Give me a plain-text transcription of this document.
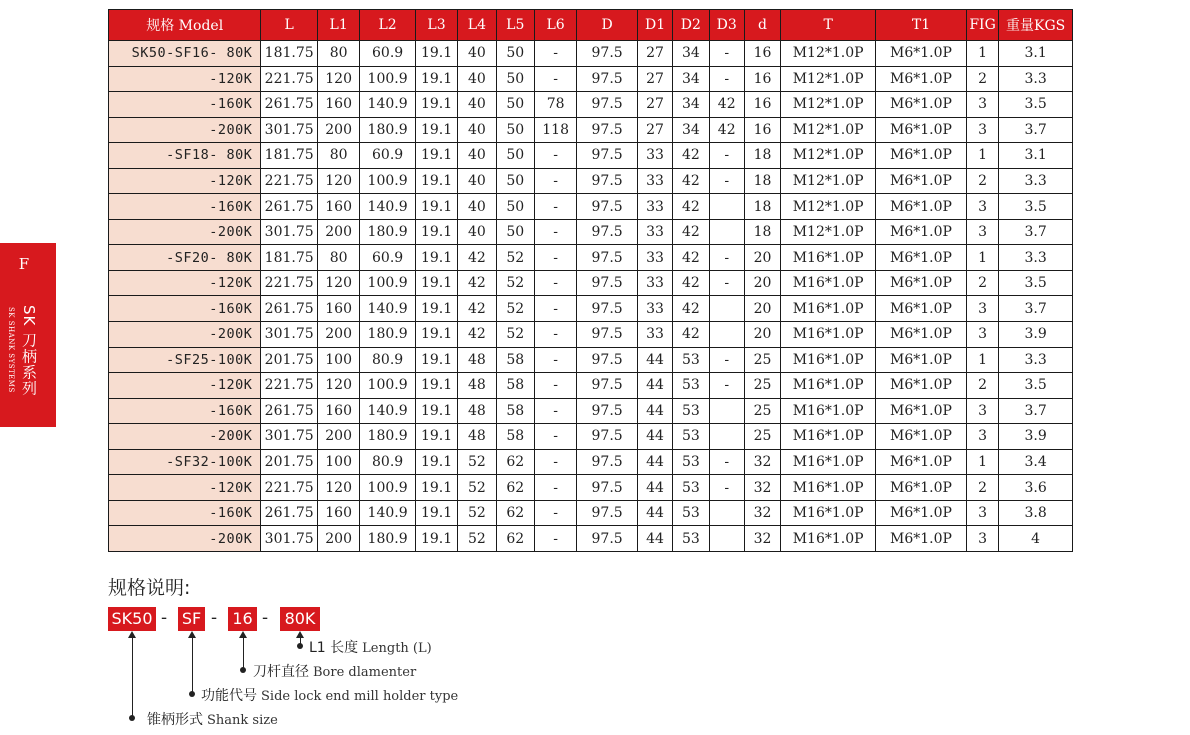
F
SK 刀柄系列
SK SHANK SYSTEMS
规格 Model	L	L1	L2	L3	L4	L5	L6	D	D1	D2	D3	d	T	T1	FIG	重量KGS
SK50-SF16- 80K	181.75	80	60.9	19.1	40	50	-	97.5	27	34	-	16	M12*1.0P	M6*1.0P	1	3.1
-120K	221.75	120	100.9	19.1	40	50	-	97.5	27	34	-	16	M12*1.0P	M6*1.0P	2	3.3
-160K	261.75	160	140.9	19.1	40	50	78	97.5	27	34	42	16	M12*1.0P	M6*1.0P	3	3.5
-200K	301.75	200	180.9	19.1	40	50	118	97.5	27	34	42	16	M12*1.0P	M6*1.0P	3	3.7
-SF18- 80K	181.75	80	60.9	19.1	40	50	-	97.5	33	42	-	18	M12*1.0P	M6*1.0P	1	3.1
-120K	221.75	120	100.9	19.1	40	50	-	97.5	33	42	-	18	M12*1.0P	M6*1.0P	2	3.3
-160K	261.75	160	140.9	19.1	40	50	-	97.5	33	42		18	M12*1.0P	M6*1.0P	3	3.5
-200K	301.75	200	180.9	19.1	40	50	-	97.5	33	42		18	M12*1.0P	M6*1.0P	3	3.7
-SF20- 80K	181.75	80	60.9	19.1	42	52	-	97.5	33	42	-	20	M16*1.0P	M6*1.0P	1	3.3
-120K	221.75	120	100.9	19.1	42	52	-	97.5	33	42	-	20	M16*1.0P	M6*1.0P	2	3.5
-160K	261.75	160	140.9	19.1	42	52	-	97.5	33	42		20	M16*1.0P	M6*1.0P	3	3.7
-200K	301.75	200	180.9	19.1	42	52	-	97.5	33	42		20	M16*1.0P	M6*1.0P	3	3.9
-SF25-100K	201.75	100	80.9	19.1	48	58	-	97.5	44	53	-	25	M16*1.0P	M6*1.0P	1	3.3
-120K	221.75	120	100.9	19.1	48	58	-	97.5	44	53	-	25	M16*1.0P	M6*1.0P	2	3.5
-160K	261.75	160	140.9	19.1	48	58	-	97.5	44	53		25	M16*1.0P	M6*1.0P	3	3.7
-200K	301.75	200	180.9	19.1	48	58	-	97.5	44	53		25	M16*1.0P	M6*1.0P	3	3.9
-SF32-100K	201.75	100	80.9	19.1	52	62	-	97.5	44	53	-	32	M16*1.0P	M6*1.0P	1	3.4
-120K	221.75	120	100.9	19.1	52	62	-	97.5	44	53	-	32	M16*1.0P	M6*1.0P	2	3.6
-160K	261.75	160	140.9	19.1	52	62	-	97.5	44	53		32	M16*1.0P	M6*1.0P	3	3.8
-200K	301.75	200	180.9	19.1	52	62	-	97.5	44	53		32	M16*1.0P	M6*1.0P	3	4
规格说明:
SK50 - SF - 16 - 80K
L1 长度 Length (L)
刀杆直径 Bore dlamenter
功能代号 Side lock end mill holder type
锥柄形式 Shank size
